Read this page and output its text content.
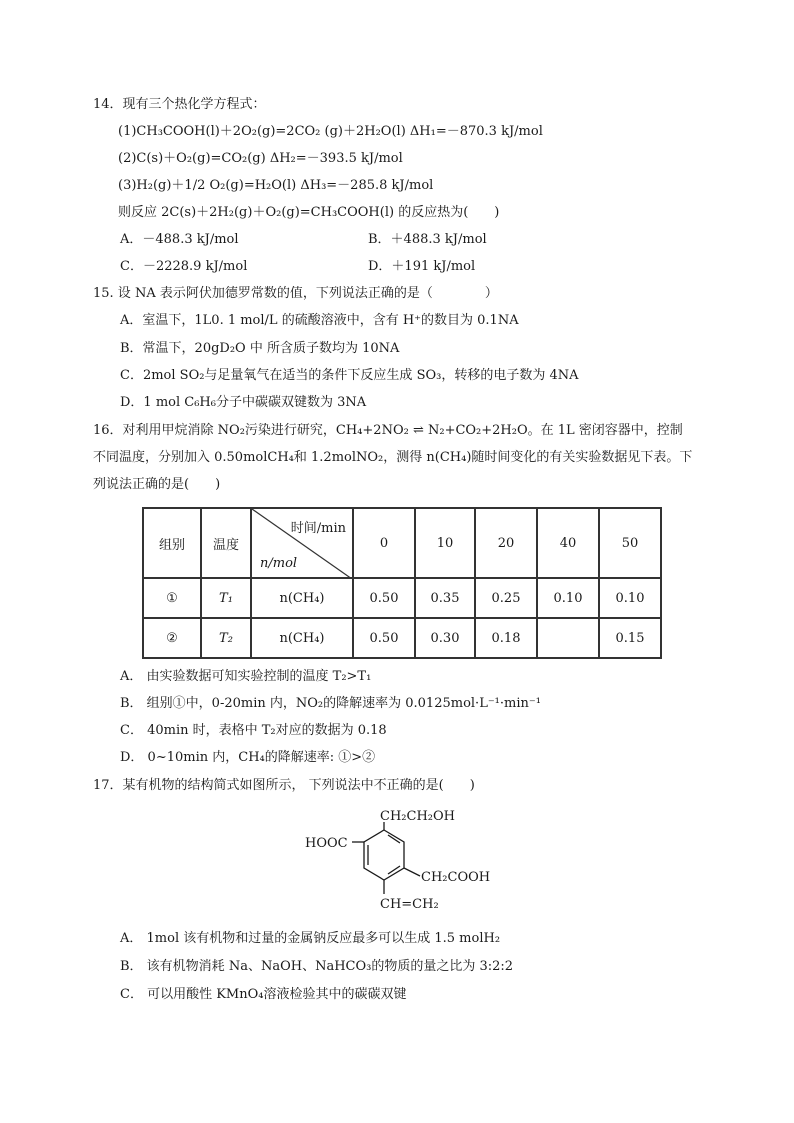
14．现有三个热化学方程式：
(1)CH₃COOH(l)＋2O₂(g)=2CO₂ (g)＋2H₂O(l) ΔH₁=－870.3 kJ/mol
(2)C(s)＋O₂(g)=CO₂(g) ΔH₂=－393.5 kJ/mol
(3)H₂(g)＋1/2 O₂(g)=H₂O(l) ΔH₃=－285.8 kJ/mol
则反应 2C(s)＋2H₂(g)＋O₂(g)=CH₃COOH(l) 的反应热为(　　)
A．－488.3 kJ/mol	B．＋488.3 kJ/mol
C．－2228.9 kJ/mol	D．＋191 kJ/mol
15. 设 NA 表示阿伏加德罗常数的值，下列说法正确的是（　　　　）
A．室温下，1L0. 1 mol/L 的硫酸溶液中，含有 H⁺的数目为 0.1NA
B．常温下，20gD₂O 中 所含质子数均为 10NA
C．2mol SO₂与足量氧气在适当的条件下反应生成 SO₃，转移的电子数为 4NA
D．1 mol C₆H₆分子中碳碳双键数为 3NA
16．对利用甲烷消除 NO₂污染进行研究，CH₄+2NO₂ ⇌ N₂+CO₂+2H₂O。在 1L 密闭容器中，控制
不同温度，分别加入 0.50molCH₄和 1.2molNO₂，测得 n(CH₄)随时间变化的有关实验数据见下表。下
列说法正确的是(　　)
组别	温度	时间/min
n/mol	0	10	20	40	50
①	T₁	n(CH₄)	0.50	0.35	0.25	0.10	0.10
②	T₂	n(CH₄)	0.50	0.30	0.18		0.15
A． 由实验数据可知实验控制的温度 T₂>T₁
B． 组别①中，0-20min 内，NO₂的降解速率为 0.0125mol·L⁻¹·min⁻¹
C． 40min 时，表格中 T₂对应的数据为 0.18
D． 0~10min 内，CH₄的降解速率: ①>②
17．某有机物的结构简式如图所示， 下列说法中不正确的是(　　)
CH₂CH₂OH
HOOC
CH₂COOH
CH=CH₂
A． 1mol 该有机物和过量的金属钠反应最多可以生成 1.5 molH₂
B． 该有机物消耗 Na、NaOH、NaHCO₃的物质的量之比为 3:2:2
C． 可以用酸性 KMnO₄溶液检验其中的碳碳双键
